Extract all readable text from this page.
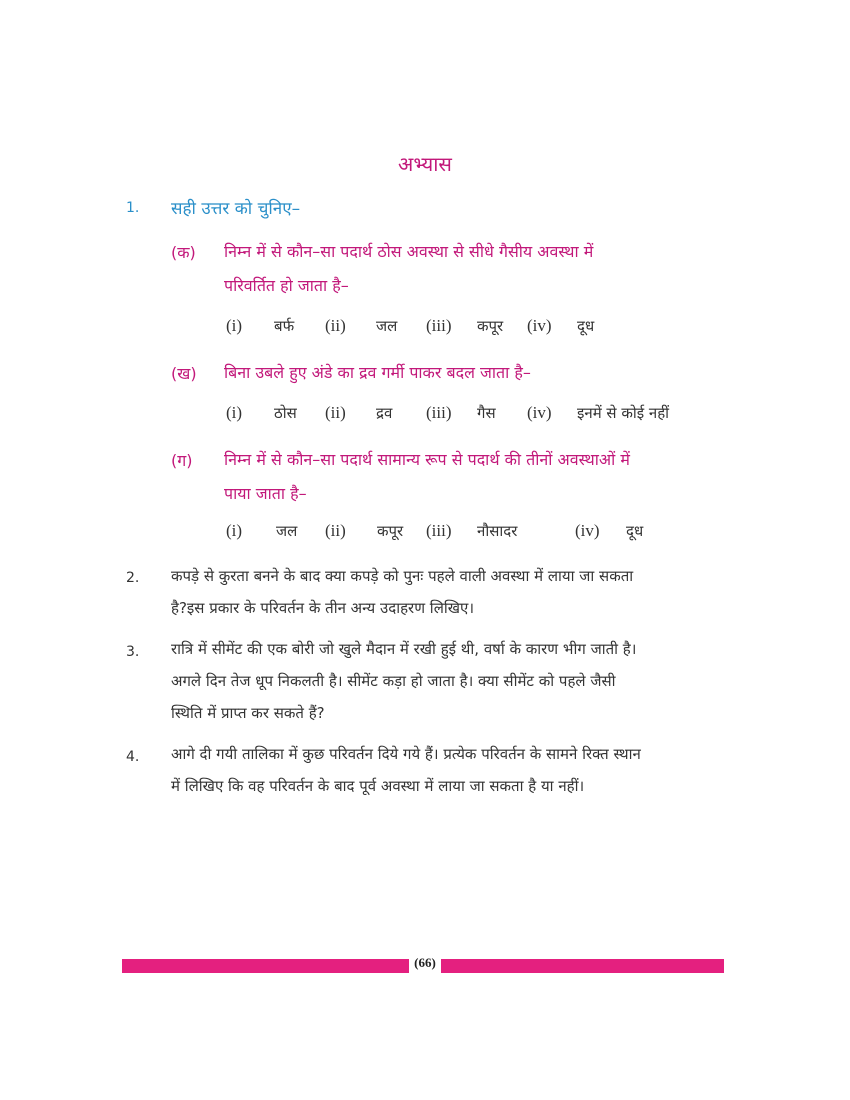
अभ्यास
1. सही उत्तर को चुनिए–
(क) निम्न में से कौन–सा पदार्थ ठोस अवस्था से सीधे गैसीय अवस्था में
परिवर्तित हो जाता है–
(i) बर्फ (ii) जल (iii) कपूर (iv) दूध
(ख) बिना उबले हुए अंडे का द्रव गर्मी पाकर बदल जाता है–
(i) ठोस (ii) द्रव (iii) गैस (iv) इनमें से कोई नहीं
(ग) निम्न में से कौन–सा पदार्थ सामान्य रूप से पदार्थ की तीनों अवस्थाओं में
पाया जाता है–
(i) जल (ii) कपूर (iii) नौसादर	(iv) दूध
2. कपड़े से कुरता बनने के बाद क्या कपड़े को पुनः पहले वाली अवस्था में लाया जा सकता
है?इस प्रकार के परिवर्तन के तीन अन्य उदाहरण लिखिए।
3. रात्रि में सीमेंट की एक बोरी जो खुले मैदान में रखी हुई थी, वर्षा के कारण भीग जाती है।
अगले दिन तेज धूप निकलती है। सीमेंट कड़ा हो जाता है। क्या सीमेंट को पहले जैसी
स्थिति में प्राप्त कर सकते हैं?
4. आगे दी गयी तालिका में कुछ परिवर्तन दिये गये हैं। प्रत्येक परिवर्तन के सामने रिक्त स्थान
में लिखिए कि वह परिवर्तन के बाद पूर्व अवस्था में लाया जा सकता है या नहीं।
(66)
